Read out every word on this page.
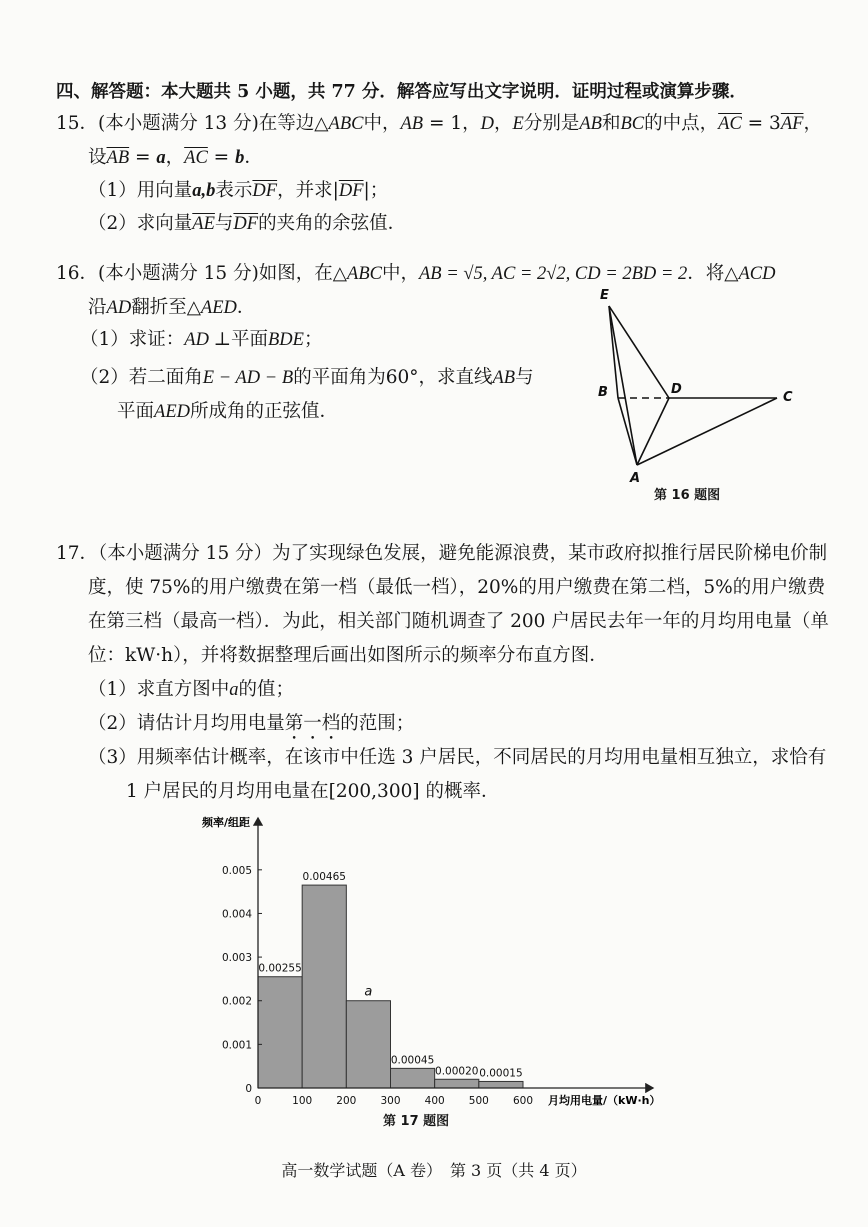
四、解答题：本大题共 5 小题，共 77 分．解答应写出文字说明．证明过程或演算步骤．
15．(本小题满分 13 分)在等边△ABC中，AB = 1，D，E分别是AB和BC的中点，$\overline{AC} = 3\overline{AF}$，
设$\overline{AB} = a$，$\overline{AC} = b$．
（1）用向量a,b表示$\overline{DF}$，并求$|\overline{DF}|$；
（2）求向量$\overline{AE}$与$\overline{DF}$的夹角的余弦值．
16．(本小题满分 15 分)如图，在△ABC中，AB = √5, AC = 2√2, CD = 2BD = 2．将△ACD
沿AD翻折至△AED．
（1）求证：AD ⊥平面BDE；
（2）若二面角E − AD − B的平面角为60°，求直线AB与
平面AED所成角的正弦值．
E
B	D
C
A
第 16 题图
17．（本小题满分 15 分）为了实现绿色发展，避免能源浪费，某市政府拟推行居民阶梯电价制
度，使 75%的用户缴费在第一档（最低一档），20%的用户缴费在第二档，5%的用户缴费
在第三档（最高一档）．为此，相关部门随机调查了 200 户居民去年一年的月均用电量（单
位：kW·h），并将数据整理后画出如图所示的频率分布直方图．
（1）求直方图中a的值；
（2）请估计月均用电量第一档的范围；
（3）用频率估计概率，在该市中任选 3 户居民，不同居民的月均用电量相互独立，求恰有
1 户居民的月均用电量在[200,300] 的概率．
0.00255
0.00465
a
0.00045
0.00020 0.00015
0	100 200 300 400 500 600
0
0.001
0.002
0.003
0.004
0.005
频率/组距
月均用电量/（kW·h）
第 17 题图
高一数学试题（A 卷）　第 3 页（共 4 页）
